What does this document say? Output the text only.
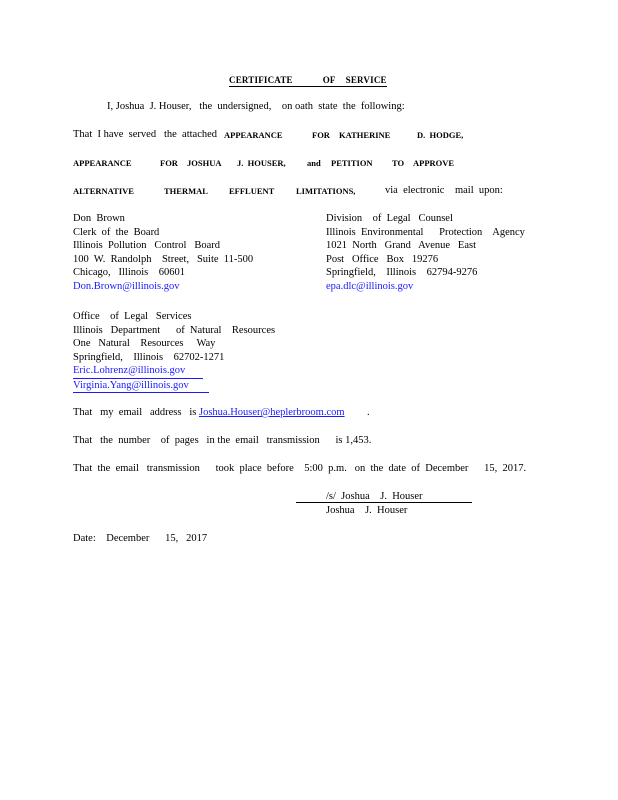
CERTIFICATE	OF SERVICE
I, Joshua  J. Houser,   the  undersigned,    on oath  state  the  following:
That  I have  served   the  attached APPEARANCE	FOR KATHERINE	D.  HODGE,
APPEARANCE	FOR JOSHUA J.  HOUSER,	and PETITION TO APPROVE
ALTERNATIVE	THERMAL EFFLUENT	LIMITATIONS,	via  electronic    mail  upon:
Don  Brown
Clerk  of  the  Board
Illinois  Pollution   Control   Board
100  W.  Randolph    Street,   Suite  11-500
Chicago,   Illinois    60601
Don.Brown@illinois.gov
Division    of  Legal   Counsel
Illinois  Environmental      Protection    Agency
1021  North   Grand   Avenue   East
Post   Office   Box   19276
Springfield,    Illinois    62794-9276
epa.dlc@illinois.gov
Office    of  Legal   Services
Illinois   Department      of  Natural    Resources
One   Natural    Resources     Way
Springfield,    Illinois    62702-1271
Eric.Lohrenz@illinois.gov
Virginia.Yang@illinois.gov
That   my  email   address   is Joshua.Houser@heplerbroom.com .
That   the  number    of  pages   in the  email   transmission      is 1,453.
That  the  email   transmission      took  place  before    5:00  p.m.   on  the  date  of  December      15,  2017.
/s/  Joshua    J.  Houser
Joshua    J.  Houser
Date:    December      15,   2017
